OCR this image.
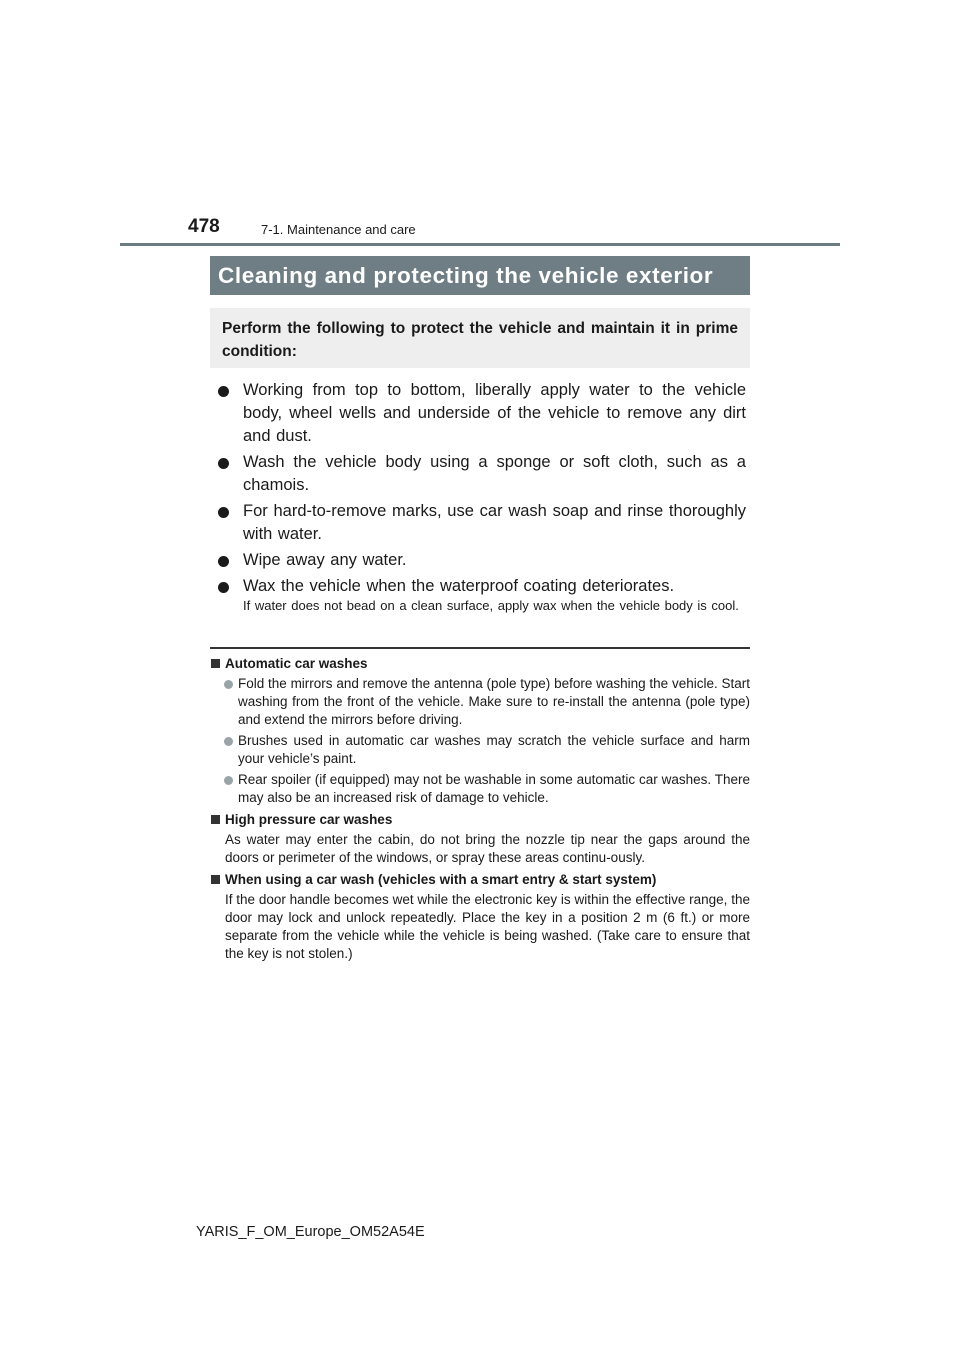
478	7-1. Maintenance and care
Cleaning and protecting the vehicle exterior
Perform the following to protect the vehicle and maintain it in prime condition:
Working from top to bottom, liberally apply water to the vehicle body, wheel wells and underside of the vehicle to remove any dirt and dust.
Wash the vehicle body using a sponge or soft cloth, such as a chamois.
For hard-to-remove marks, use car wash soap and rinse thoroughly with water.
Wipe away any water.
Wax the vehicle when the waterproof coating deteriorates.
If water does not bead on a clean surface, apply wax when the vehicle body is cool.
Automatic car washes
Fold the mirrors and remove the antenna (pole type) before washing the vehicle. Start washing from the front of the vehicle. Make sure to re-install the antenna (pole type) and extend the mirrors before driving.
Brushes used in automatic car washes may scratch the vehicle surface and harm your vehicle’s paint.
Rear spoiler (if equipped) may not be washable in some automatic car washes. There may also be an increased risk of damage to vehicle.
High pressure car washes
As water may enter the cabin, do not bring the nozzle tip near the gaps around the doors or perimeter of the windows, or spray these areas continu-ously.
When using a car wash (vehicles with a smart entry & start system)
If the door handle becomes wet while the electronic key is within the effective range, the door may lock and unlock repeatedly. Place the key in a position 2 m (6 ft.) or more separate from the vehicle while the vehicle is being washed. (Take care to ensure that the key is not stolen.)
YARIS_F_OM_Europe_OM52A54E
